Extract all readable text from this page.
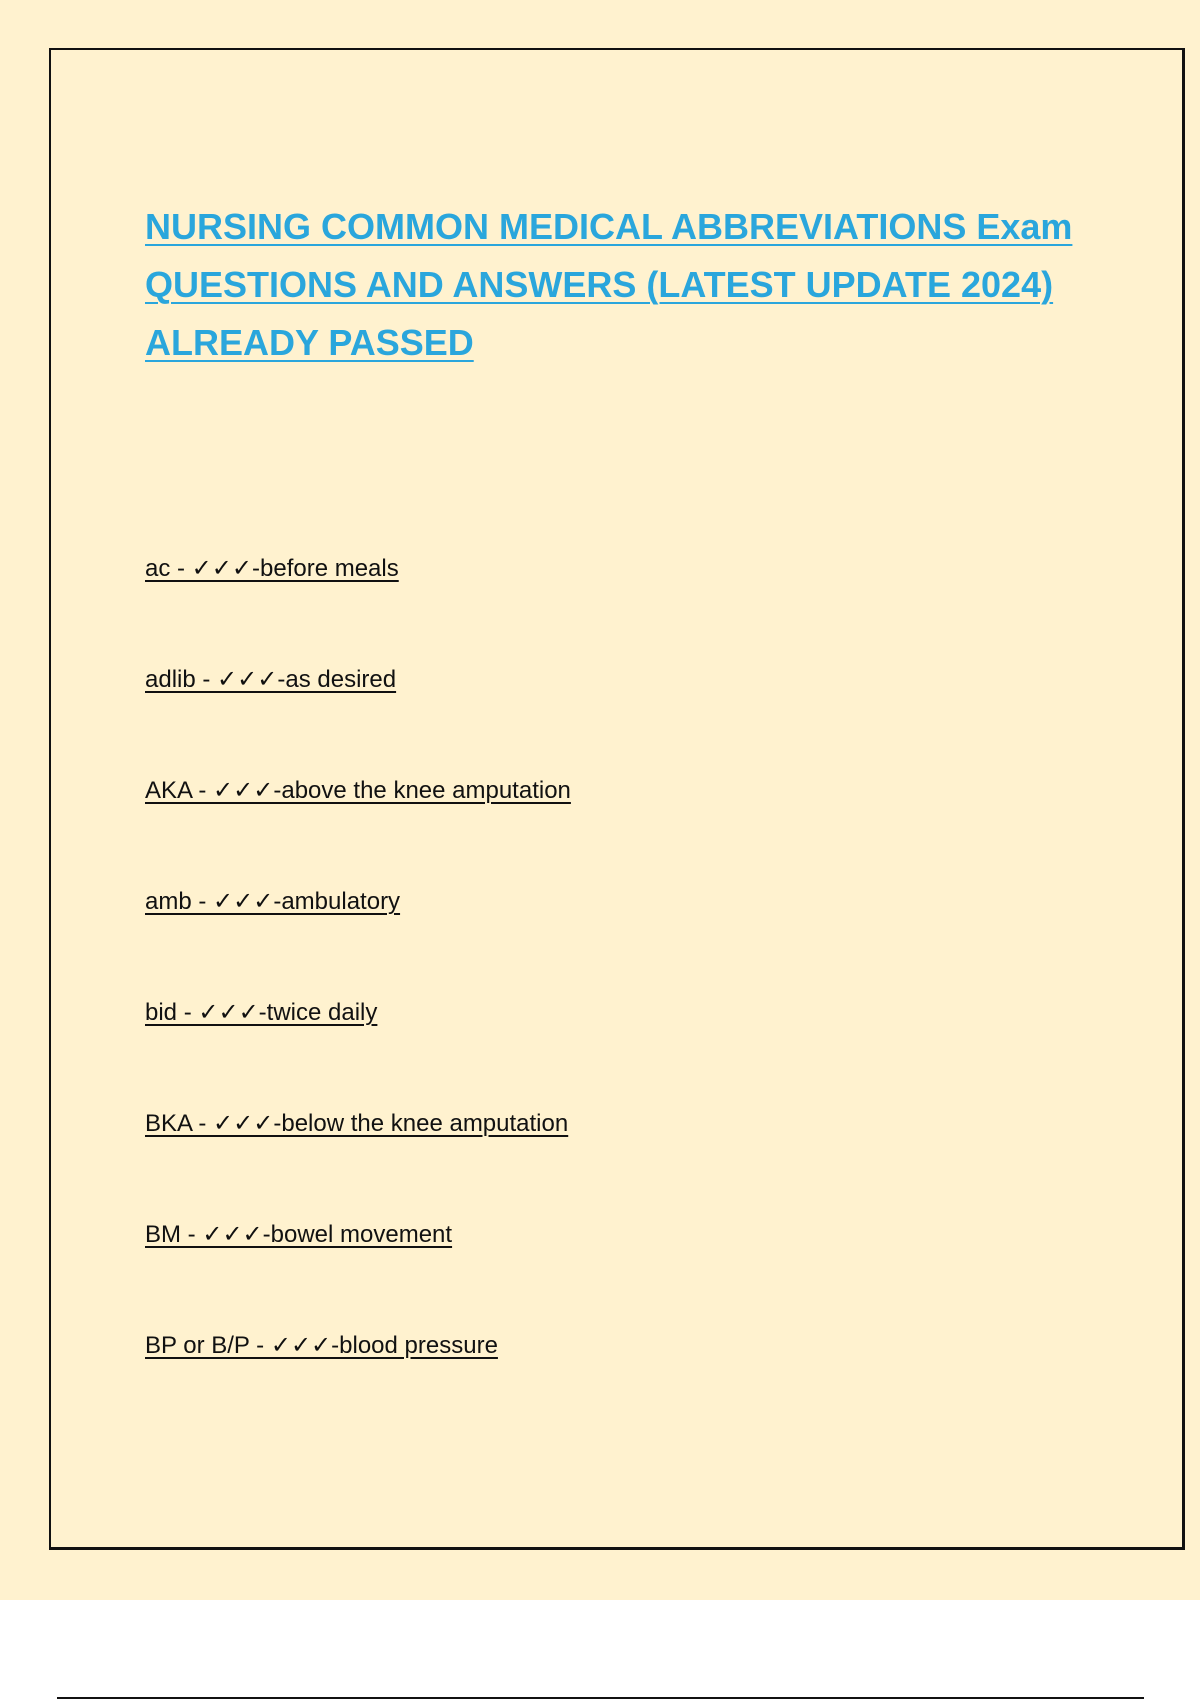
NURSING COMMON MEDICAL ABBREVIATIONS Exam QUESTIONS AND ANSWERS (LATEST UPDATE 2024) ALREADY PASSED
ac - ✓✓✓-before meals
adlib - ✓✓✓-as desired
AKA - ✓✓✓-above the knee amputation
amb - ✓✓✓-ambulatory
bid - ✓✓✓-twice daily
BKA - ✓✓✓-below the knee amputation
BM - ✓✓✓-bowel movement
BP or B/P - ✓✓✓-blood pressure
